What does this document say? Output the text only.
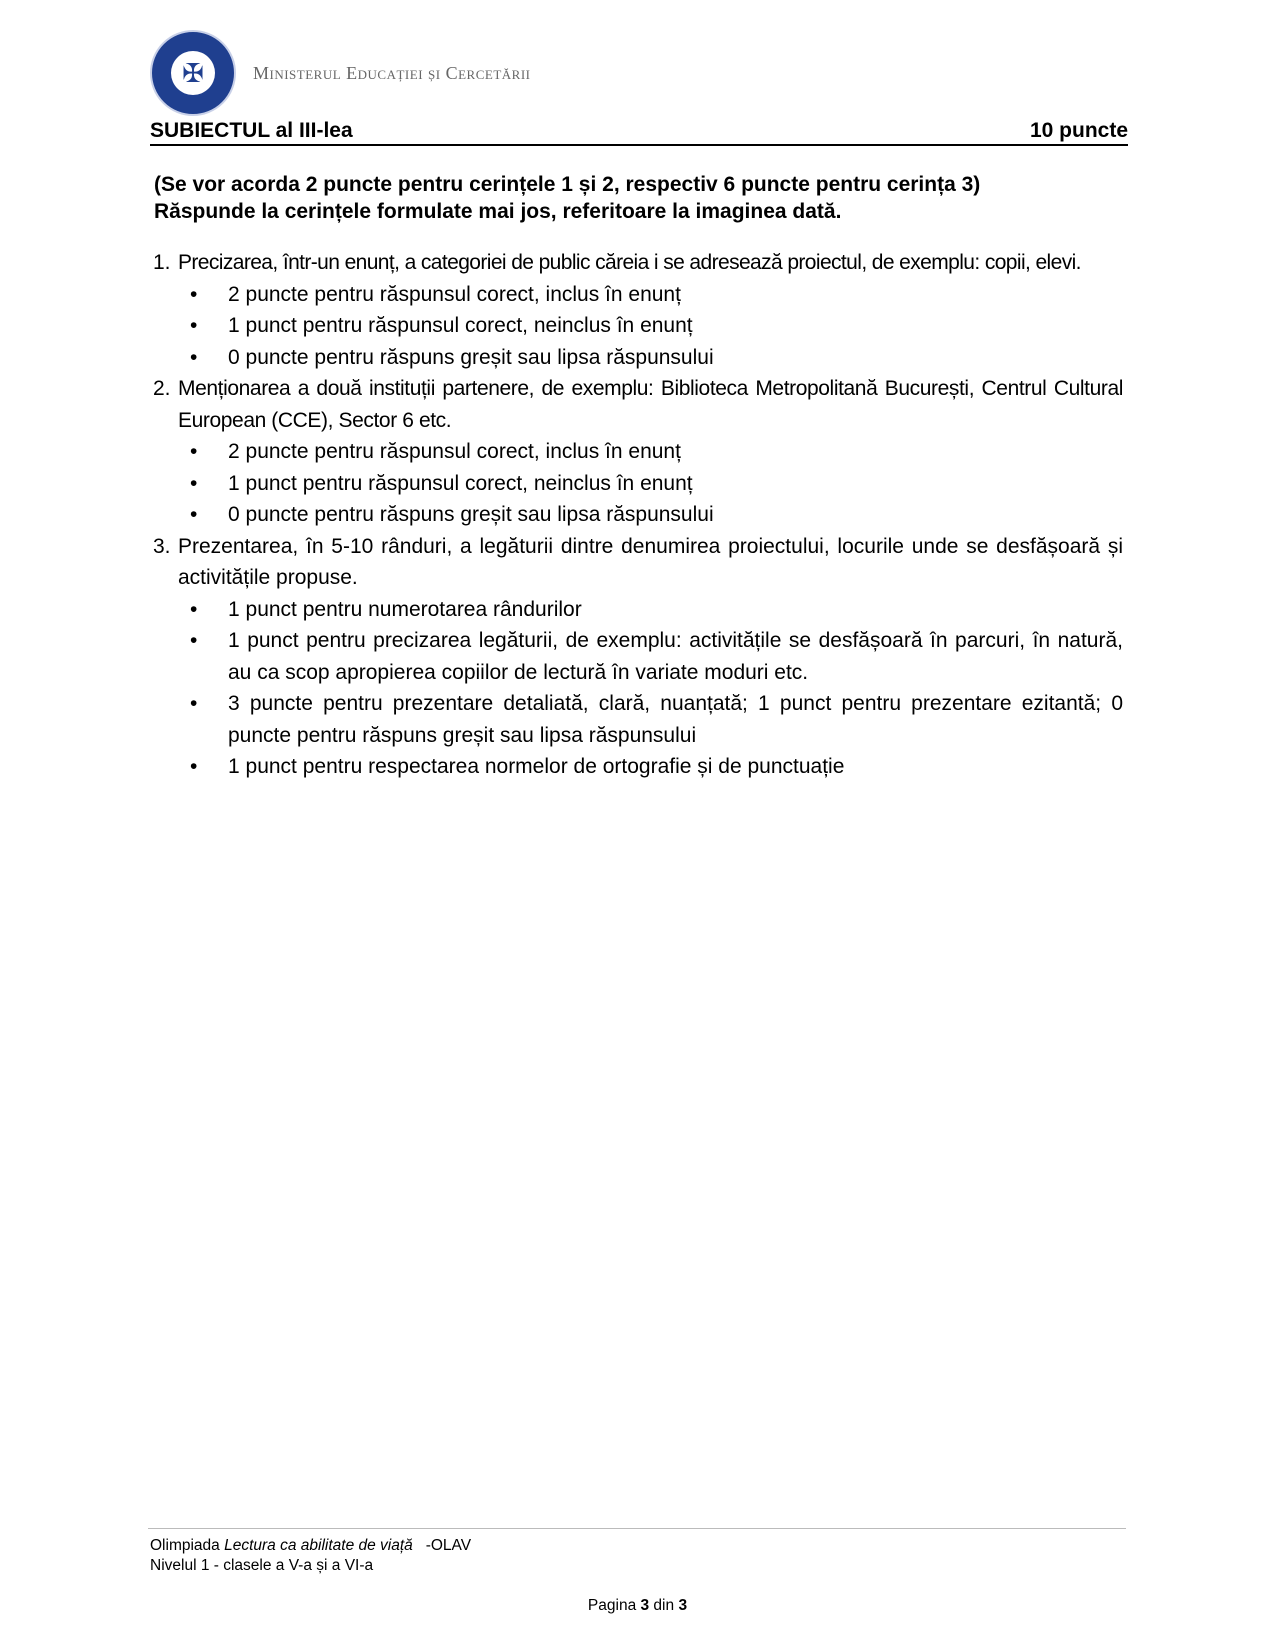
✠	Ministerul Educației și Cercetării
SUBIECTUL al III-lea	10 puncte
(Se vor acorda 2 puncte pentru cerințele 1 și 2, respectiv 6 puncte pentru cerința 3)
Răspunde la cerințele formulate mai jos, referitoare la imaginea dată.
1. Precizarea, într-un enunț, a categoriei de public căreia i se adresează proiectul, de exemplu: copii, elevi.
• 2 puncte pentru răspunsul corect, inclus în enunț
• 1 punct pentru răspunsul corect, neinclus în enunț
• 0 puncte pentru răspuns greșit sau lipsa răspunsului
2. Menționarea a două instituții partenere, de exemplu: Biblioteca Metropolitană București, Centrul Cultural European (CCE), Sector 6 etc.
• 2 puncte pentru răspunsul corect, inclus în enunț
• 1 punct pentru răspunsul corect, neinclus în enunț
• 0 puncte pentru răspuns greșit sau lipsa răspunsului
3. Prezentarea, în 5-10 rânduri, a legăturii dintre denumirea proiectului, locurile unde se desfășoară și activitățile propuse.
• 1 punct pentru numerotarea rândurilor
• 1 punct pentru precizarea legăturii, de exemplu: activitățile se desfășoară în parcuri, în natură, au ca scop apropierea copiilor de lectură în variate moduri etc.
• 3 puncte pentru prezentare detaliată, clară, nuanțată; 1 punct pentru prezentare ezitantă; 0 puncte pentru răspuns greșit sau lipsa răspunsului
• 1 punct pentru respectarea normelor de ortografie și de punctuație
Olimpiada Lectura ca abilitate de viață   -OLAV
Nivelul 1 - clasele a V-a și a VI-a
Pagina 3 din 3
